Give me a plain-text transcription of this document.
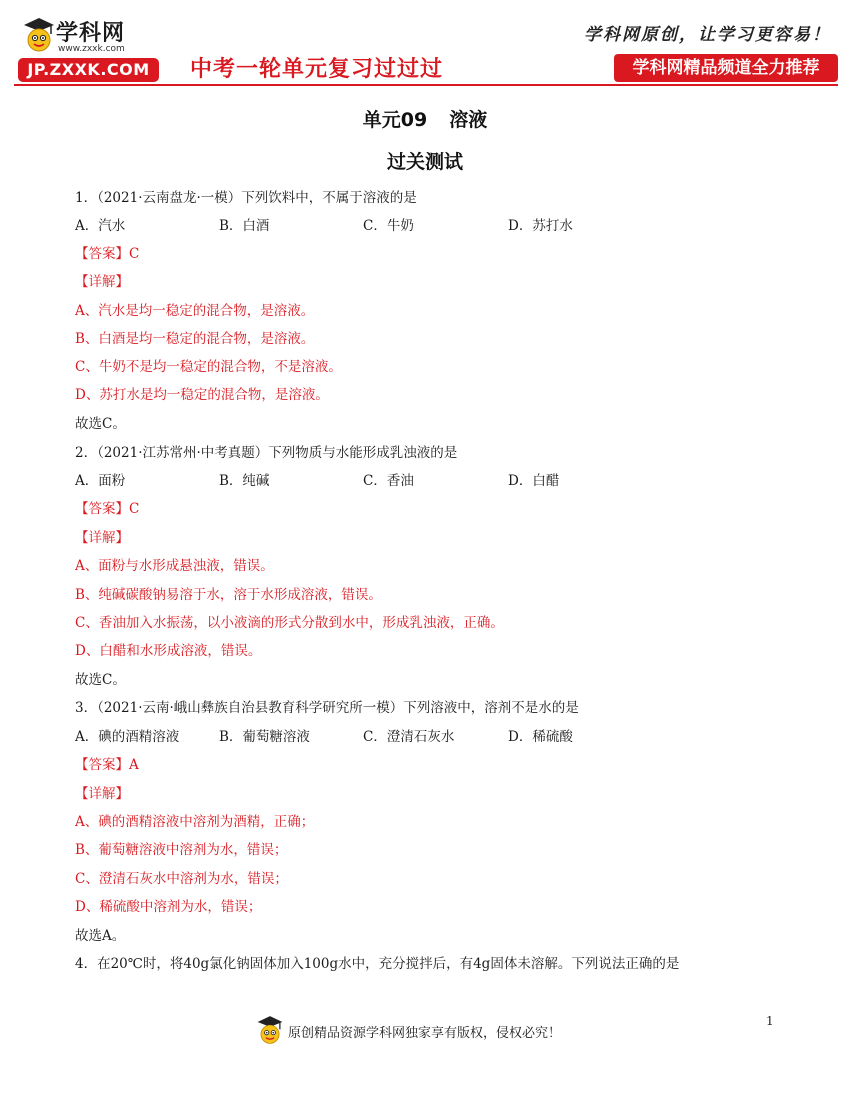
学科网
www.zxxk.com
JP.ZXXK.COM	中考一轮单元复习过过过
学科网原创，让学习更容易！
学科网精品频道全力推荐
单元09 溶液
过关测试
1．（2021·云南盘龙·一模）下列饮料中，不属于溶液的是
A．汽水	B．白酒	C．牛奶	D．苏打水
【答案】C
【详解】
A、汽水是均一稳定的混合物，是溶液。
B、白酒是均一稳定的混合物，是溶液。
C、牛奶不是均一稳定的混合物，不是溶液。
D、苏打水是均一稳定的混合物，是溶液。
故选C。
2．（2021·江苏常州·中考真题）下列物质与水能形成乳浊液的是
A．面粉	B．纯碱	C．香油	D．白醋
【答案】C
【详解】
A、面粉与水形成悬浊液，错误。
B、纯碱碳酸钠易溶于水，溶于水形成溶液，错误。
C、香油加入水振荡，以小液滴的形式分散到水中，形成乳浊液，正确。
D、白醋和水形成溶液，错误。
故选C。
3．（2021·云南·峨山彝族自治县教育科学研究所一模）下列溶液中，溶剂不是水的是
A．碘的酒精溶液	B．葡萄糖溶液	C．澄清石灰水	D．稀硫酸
【答案】A
【详解】
A、碘的酒精溶液中溶剂为酒精，正确；
B、葡萄糖溶液中溶剂为水，错误；
C、澄清石灰水中溶剂为水，错误；
D、稀硫酸中溶剂为水，错误；
故选A。
4．在20℃时，将40g氯化钠固体加入100g水中，充分搅拌后，有4g固体未溶解。下列说法正确的是
1
原创精品资源学科网独家享有版权，侵权必究！
